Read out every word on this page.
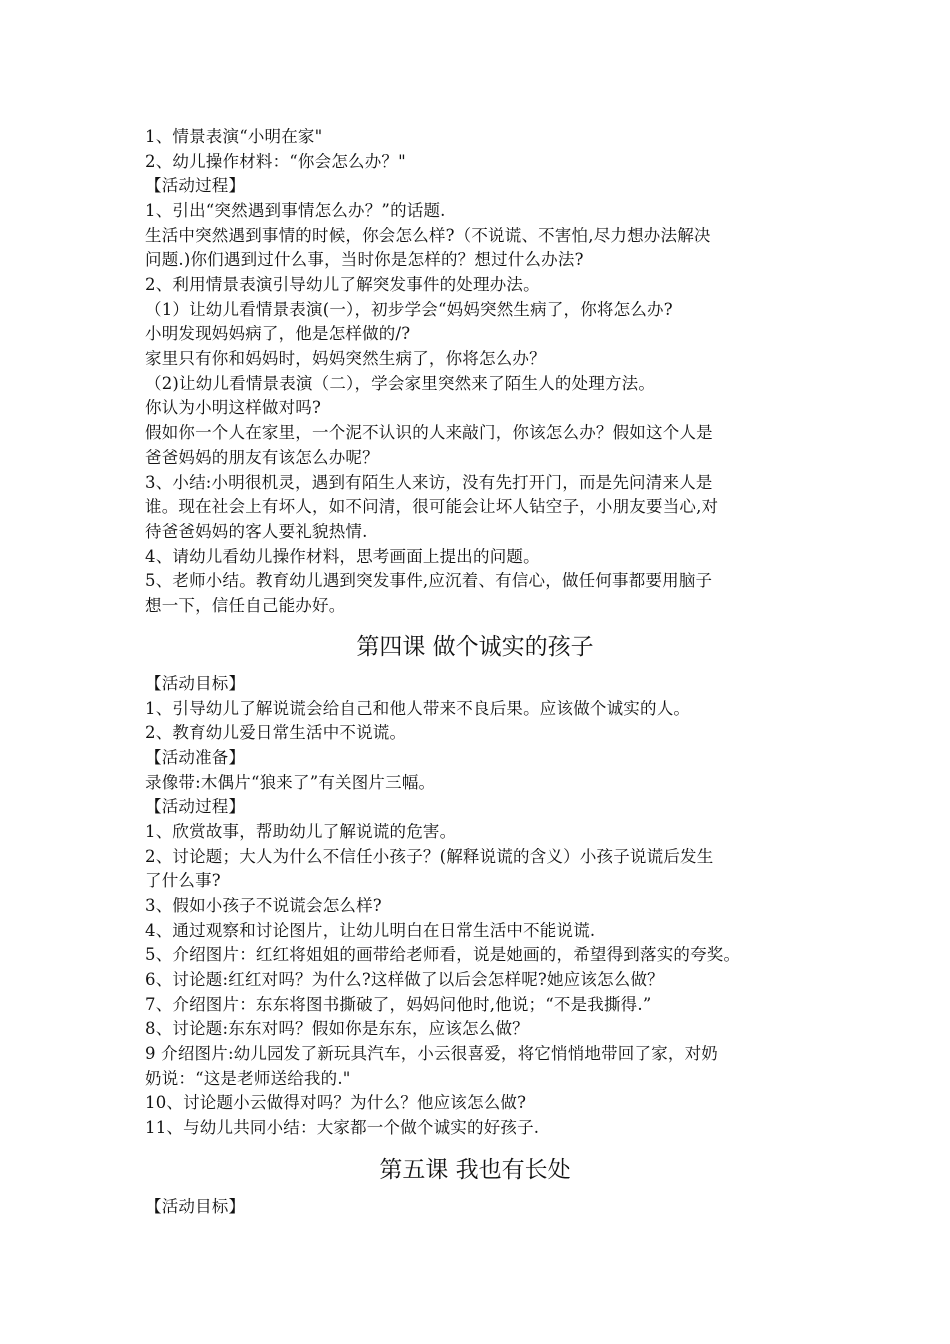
1、情景表演“小明在家"
2、幼儿操作材料：“你会怎么办？"
【活动过程】
1、引出“突然遇到事情怎么办？”的话题.
生活中突然遇到事情的时候，你会怎么样?（不说谎、不害怕,尽力想办法解决
问题.)你们遇到过什么事，当时你是怎样的？想过什么办法?
2、利用情景表演引导幼儿了解突发事件的处理办法。
（1）让幼儿看情景表演(一），初步学会“妈妈突然生病了，你将怎么办?
小明发现妈妈病了，他是怎样做的/?
家里只有你和妈妈时，妈妈突然生病了，你将怎么办？
（2)让幼儿看情景表演（二），学会家里突然来了陌生人的处理方法。
你认为小明这样做对吗?
假如你一个人在家里，一个泥不认识的人来敲门，你该怎么办？假如这个人是
爸爸妈妈的朋友有该怎么办呢？
3、小结:小明很机灵，遇到有陌生人来访，没有先打开门，而是先问清来人是
谁。现在社会上有坏人，如不问清，很可能会让坏人钻空子，小朋友要当心,对
待爸爸妈妈的客人要礼貌热情.
4、请幼儿看幼儿操作材料，思考画面上提出的问题。
5、老师小结。教育幼儿遇到突发事件,应沉着、有信心，做任何事都要用脑子
想一下，信任自己能办好。
第四课 做个诚实的孩子
【活动目标】
1、引导幼儿了解说谎会给自己和他人带来不良后果。应该做个诚实的人。
2、教育幼儿爱日常生活中不说谎。
【活动准备】
录像带:木偶片“狼来了”有关图片三幅。
【活动过程】
1、欣赏故事，帮助幼儿了解说谎的危害。
2、讨论题；大人为什么不信任小孩子？(解释说谎的含义）小孩子说谎后发生
了什么事?
3、假如小孩子不说谎会怎么样?
4、通过观察和讨论图片，让幼儿明白在日常生活中不能说谎.
5、介绍图片：红红将姐姐的画带给老师看，说是她画的，希望得到落实的夸奖。
6、讨论题:红红对吗？为什么?这样做了以后会怎样呢?她应该怎么做？
7、介绍图片：东东将图书撕破了，妈妈问他时,他说；“不是我撕得.”
8、讨论题:东东对吗？假如你是东东，应该怎么做？
9 介绍图片:幼儿园发了新玩具汽车，小云很喜爱，将它悄悄地带回了家，对奶
奶说：“这是老师送给我的."
10、讨论题小云做得对吗？为什么？他应该怎么做?
11、与幼儿共同小结：大家都一个做个诚实的好孩子.
第五课 我也有长处
【活动目标】
